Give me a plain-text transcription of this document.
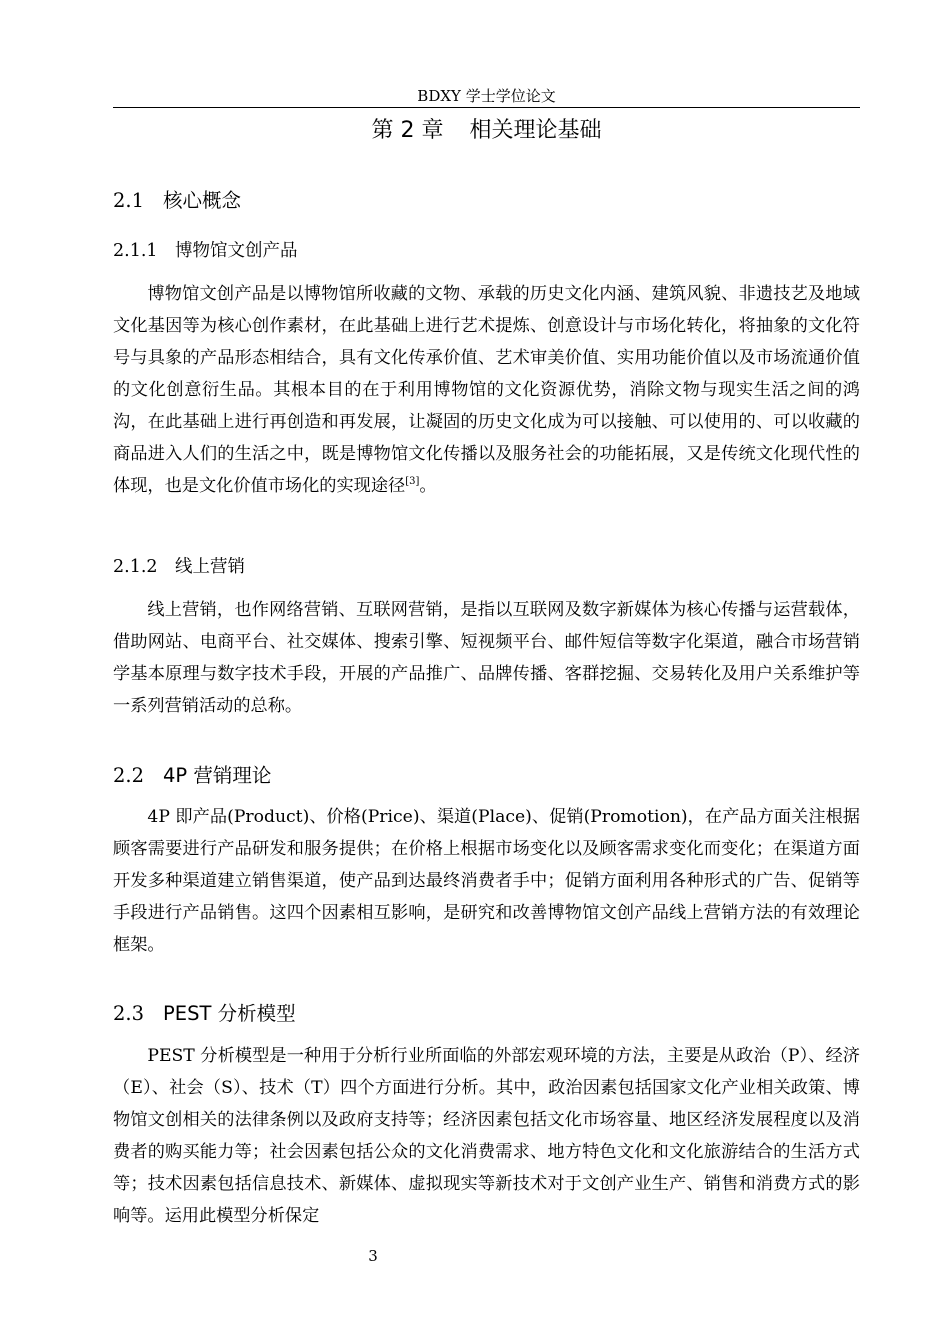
BDXY 学士学位论文
第 2 章 相关理论基础
2.1 核心概念
2.1.1 博物馆文创产品

博物馆文创产品是以博物馆所收藏的文物、承载的历史文化内涵、建筑风貌、非遗技艺及地域文化基因等为核心创作素材，在此基础上进行艺术提炼、创意设计与市场化转化，将抽象的文化符号与具象的产品形态相结合，具有文化传承价值、艺术审美价值、实用功能价值以及市场流通价值的文化创意衍生品。其根本目的在于利用博物馆的文化资源优势，消除文物与现实生活之间的鸿沟，在此基础上进行再创造和再发展，让凝固的历史文化成为可以接触、可以使用的、可以收藏的商品进入人们的生活之中，既是博物馆文化传播以及服务社会的功能拓展，又是传统文化现代性的体现，也是文化价值市场化的实现途径[3]。

2.1.2 线上营销

线上营销，也作网络营销、互联网营销，是指以互联网及数字新媒体为核心传播与运营载体，借助网站、电商平台、社交媒体、搜索引擎、短视频平台、邮件短信等数字化渠道，融合市场营销学基本原理与数字技术手段，开展的产品推广、品牌传播、客群挖掘、交易转化及用户关系维护等一系列营销活动的总称。

2.2 4P 营销理论

4P 即产品(Product)、价格(Price)、渠道(Place)、促销(Promotion)，在产品方面关注根据顾客需要进行产品研发和服务提供；在价格上根据市场变化以及顾客需求变化而变化；在渠道方面开发多种渠道建立销售渠道，使产品到达最终消费者手中；促销方面利用各种形式的广告、促销等手段进行产品销售。这四个因素相互影响，是研究和改善博物馆文创产品线上营销方法的有效理论框架。

2.3 PEST 分析模型

PEST 分析模型是一种用于分析行业所面临的外部宏观环境的方法，主要是从政治（P）、经济（E）、社会（S）、技术（T）四个方面进行分析。其中，政治因素包括国家文化产业相关政策、博物馆文创相关的法律条例以及政府支持等；经济因素包括文化市场容量、地区经济发展程度以及消费者的购买能力等；社会因素包括公众的文化消费需求、地方特色文化和文化旅游结合的生活方式等；技术因素包括信息技术、新媒体、虚拟现实等新技术对于文创产业生产、销售和消费方式的影响等。运用此模型分析保定

3
